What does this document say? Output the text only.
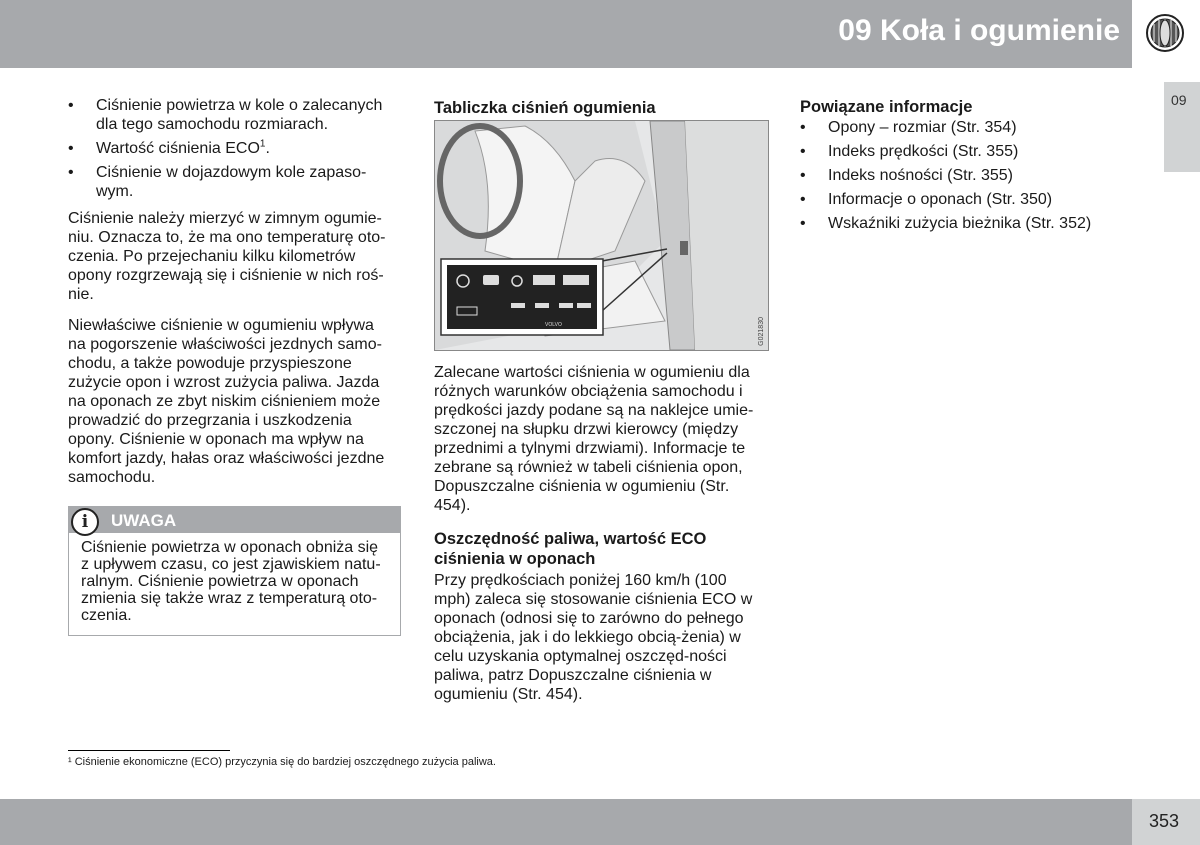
09 Koła i ogumienie
09
• Ciśnienie powietrza w kole o zalecanych dla tego samochodu rozmiarach.
• Wartość ciśnienia ECO$^1$.
• Ciśnienie w dojazdowym kole zapaso-wym.

Ciśnienie należy mierzyć w zimnym ogumie-niu. Oznacza to, że ma ono temperaturę oto-czenia. Po przejechaniu kilku kilometrów opony rozgrzewają się i ciśnienie w nich roś-nie.

Niewłaściwe ciśnienie w ogumieniu wpływa na pogorszenie właściwości jezdnych samo-chodu, a także powoduje przyspieszone zużycie opon i wzrost zużycia paliwa. Jazda na oponach ze zbyt niskim ciśnieniem może prowadzić do przegrzania i uszkodzenia opony. Ciśnienie w oponach ma wpływ na komfort jazdy, hałas oraz właściwości jezdne samochodu.

i	UWAGA
Ciśnienie powietrza w oponach obniża się z upływem czasu, co jest zjawiskiem natu-ralnym. Ciśnienie powietrza w oponach zmienia się także wraz z temperaturą oto-czenia.
Tabliczka ciśnień ogumienia
VOLVO	G021830

Zalecane wartości ciśnienia w ogumieniu dla różnych warunków obciążenia samochodu i prędkości jazdy podane są na naklejce umie-szczonej na słupku drzwi kierowcy (między przednimi a tylnymi drzwiami). Informacje te zebrane są również w tabeli ciśnienia opon, Dopuszczalne ciśnienia w ogumieniu (Str. 454).

Oszczędność paliwa, wartość ECO ciśnienia w oponach

Przy prędkościach poniżej 160 km/h (100 mph) zaleca się stosowanie ciśnienia ECO w oponach (odnosi się to zarówno do pełnego obciążenia, jak i do lekkiego obcią-żenia) w celu uzyskania optymalnej oszczęd-ności paliwa, patrz Dopuszczalne ciśnienia w ogumieniu (Str. 454).

Powiązane informacje
• Opony – rozmiar (Str. 354)
• Indeks prędkości (Str. 355)
• Indeks nośności (Str. 355)
• Informacje o oponach (Str. 350)
• Wskaźniki zużycia bieżnika (Str. 352)
¹ Ciśnienie ekonomiczne (ECO) przyczynia się do bardziej oszczędnego zużycia paliwa.
353
